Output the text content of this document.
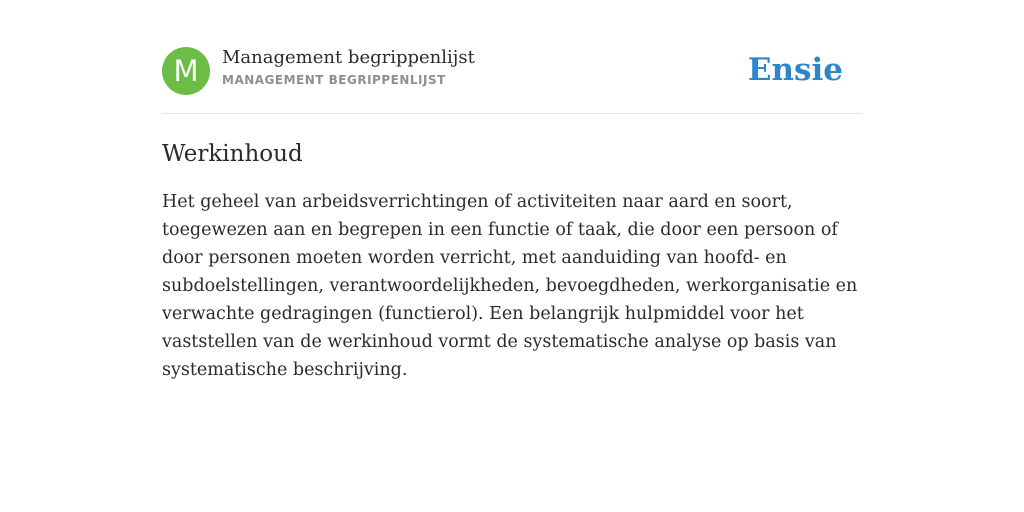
M	Management begrippenlijst
MANAGEMENT BEGRIPPENLIJST	Ensie
Werkinhoud

Het geheel van arbeidsverrichtingen of activiteiten naar aard en soort, toegewezen aan en begrepen in een functie of taak, die door een persoon of door personen moeten worden verricht, met aanduiding van hoofd- en subdoelstellingen, verantwoordelijkheden, bevoegdheden, werkorganisatie en verwachte gedragingen (functierol). Een belangrijk hulpmiddel voor het vaststellen van de werkinhoud vormt de systematische analyse op basis van systematische beschrijving.
